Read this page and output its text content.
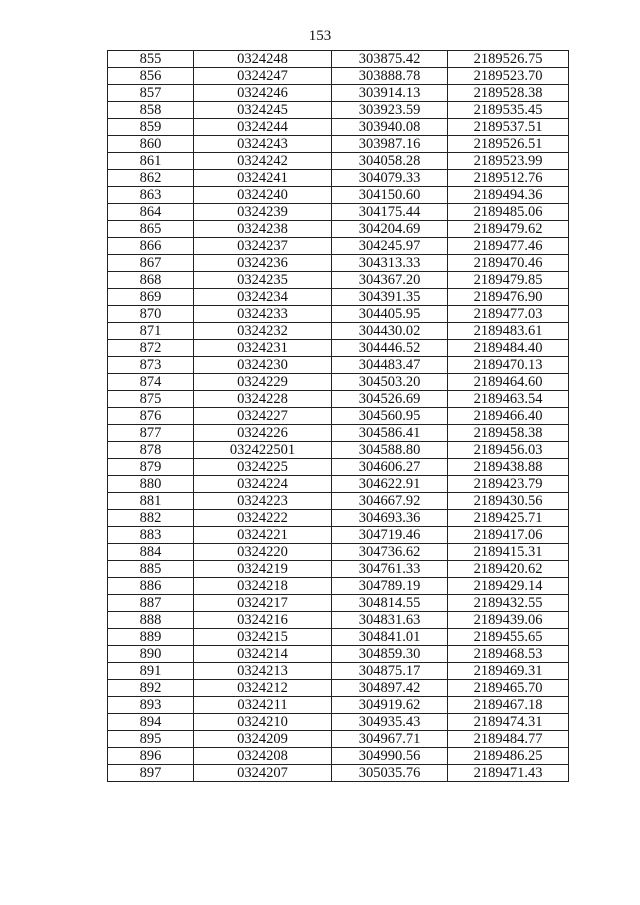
153
855	0324248	303875.42	2189526.75
856	0324247	303888.78	2189523.70
857	0324246	303914.13	2189528.38
858	0324245	303923.59	2189535.45
859	0324244	303940.08	2189537.51
860	0324243	303987.16	2189526.51
861	0324242	304058.28	2189523.99
862	0324241	304079.33	2189512.76
863	0324240	304150.60	2189494.36
864	0324239	304175.44	2189485.06
865	0324238	304204.69	2189479.62
866	0324237	304245.97	2189477.46
867	0324236	304313.33	2189470.46
868	0324235	304367.20	2189479.85
869	0324234	304391.35	2189476.90
870	0324233	304405.95	2189477.03
871	0324232	304430.02	2189483.61
872	0324231	304446.52	2189484.40
873	0324230	304483.47	2189470.13
874	0324229	304503.20	2189464.60
875	0324228	304526.69	2189463.54
876	0324227	304560.95	2189466.40
877	0324226	304586.41	2189458.38
878	032422501	304588.80	2189456.03
879	0324225	304606.27	2189438.88
880	0324224	304622.91	2189423.79
881	0324223	304667.92	2189430.56
882	0324222	304693.36	2189425.71
883	0324221	304719.46	2189417.06
884	0324220	304736.62	2189415.31
885	0324219	304761.33	2189420.62
886	0324218	304789.19	2189429.14
887	0324217	304814.55	2189432.55
888	0324216	304831.63	2189439.06
889	0324215	304841.01	2189455.65
890	0324214	304859.30	2189468.53
891	0324213	304875.17	2189469.31
892	0324212	304897.42	2189465.70
893	0324211	304919.62	2189467.18
894	0324210	304935.43	2189474.31
895	0324209	304967.71	2189484.77
896	0324208	304990.56	2189486.25
897	0324207	305035.76	2189471.43
